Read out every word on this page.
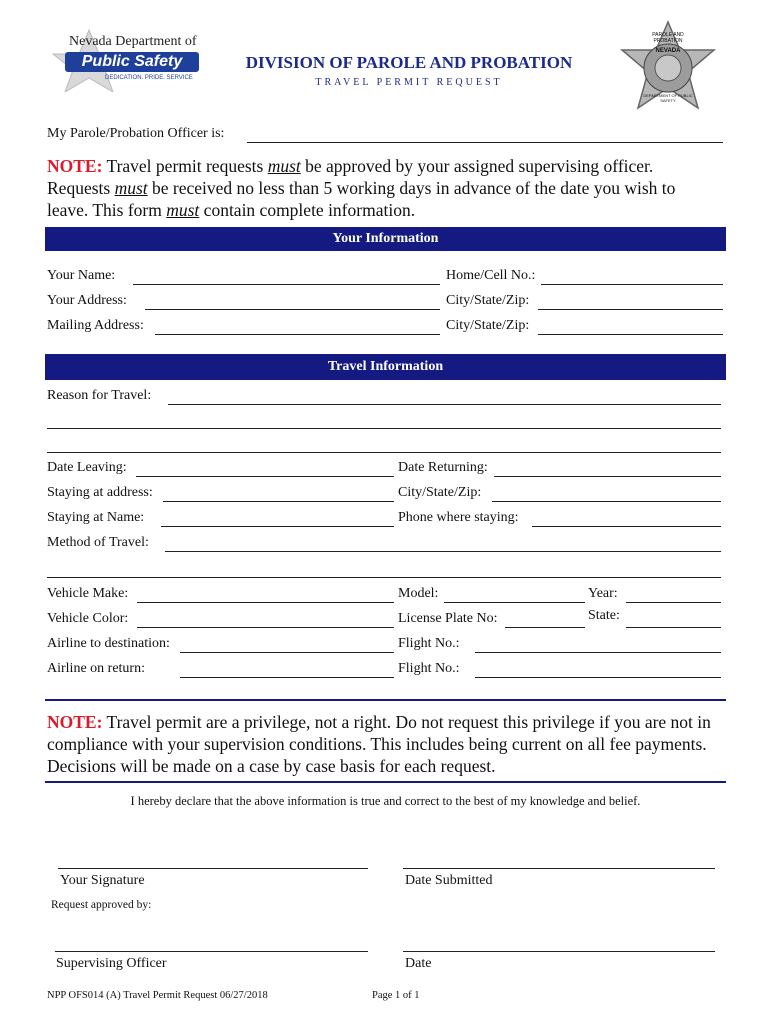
Nevada Department of
Public Safety
DEDICATION. PRIDE. SERVICE
DIVISION OF PAROLE AND PROBATION
TRAVEL PERMIT REQUEST
PAROLE AND PROBATION
NEVADA
DEPARTMENT OF PUBLIC SAFETY
My Parole/Probation Officer is:
NOTE: Travel permit requests must be approved by your assigned supervising officer.
Requests must be received no less than 5 working days in advance of the date you wish to
leave. This form must contain complete information.
Your Information
Your Name:	Home/Cell No.:
Your Address:	City/State/Zip:
Mailing Address:	City/State/Zip:
Travel Information
Reason for Travel:
Date Leaving:	Date Returning:
Staying at address:	City/State/Zip:
Staying at Name:	Phone where staying:
Method of Travel:
Vehicle Make:	Model:	Year:
Vehicle Color:	License Plate No:	State:
Airline to destination:	Flight No.:
Airline on return:	Flight No.:
NOTE: Travel permit are a privilege, not a right. Do not request this privilege if you are not in
compliance with your supervision conditions. This includes being current on all fee payments.
Decisions will be made on a case by case basis for each request.
I hereby declare that the above information is true and correct to the best of my knowledge and belief.
Your Signature	Date Submitted
Request approved by:
Supervising Officer	Date
NPP OFS014 (A) Travel Permit Request 06/27/2018	Page 1 of 1
